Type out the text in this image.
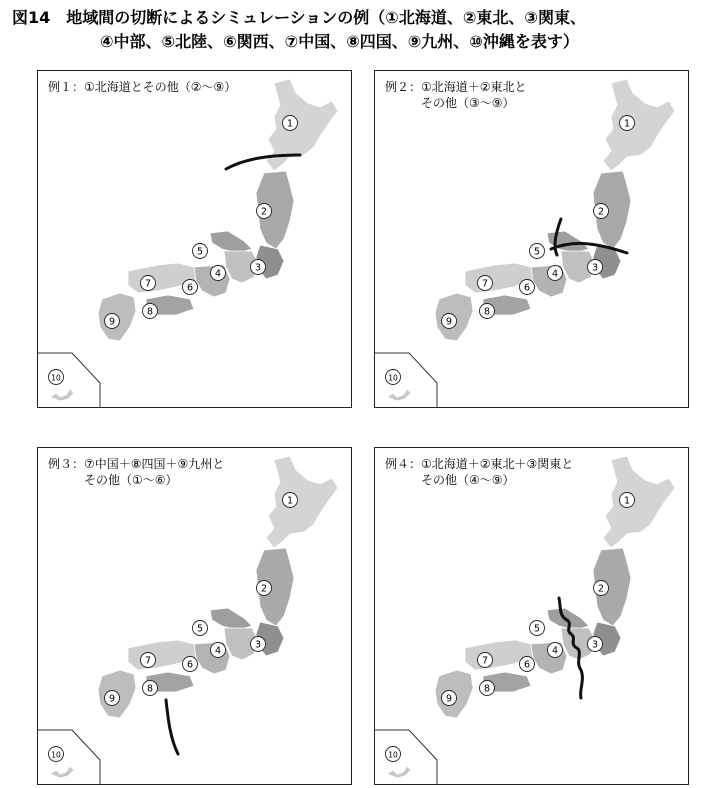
図14　地域間の切断によるシミュレーションの例（①北海道、②東北、③関東、
④中部、⑤北陸、⑥関西、⑦中国、⑧四国、⑨九州、⑩沖縄を表す）
例１：①北海道とその他（②～⑨）
1
2
3
4
5
6
7
8
9
10
例２：①北海道＋②東北と
その他（③～⑨）
1
2
3
4
5
6
7
8
9
10
例３：⑦中国＋⑧四国＋⑨九州と
その他（①～⑥）
1
2
3
4
5
6
7
8
9
10
例４：①北海道＋②東北＋③関東と
その他（④～⑨）
1
2
3
4
5
6
7
8
9
10
